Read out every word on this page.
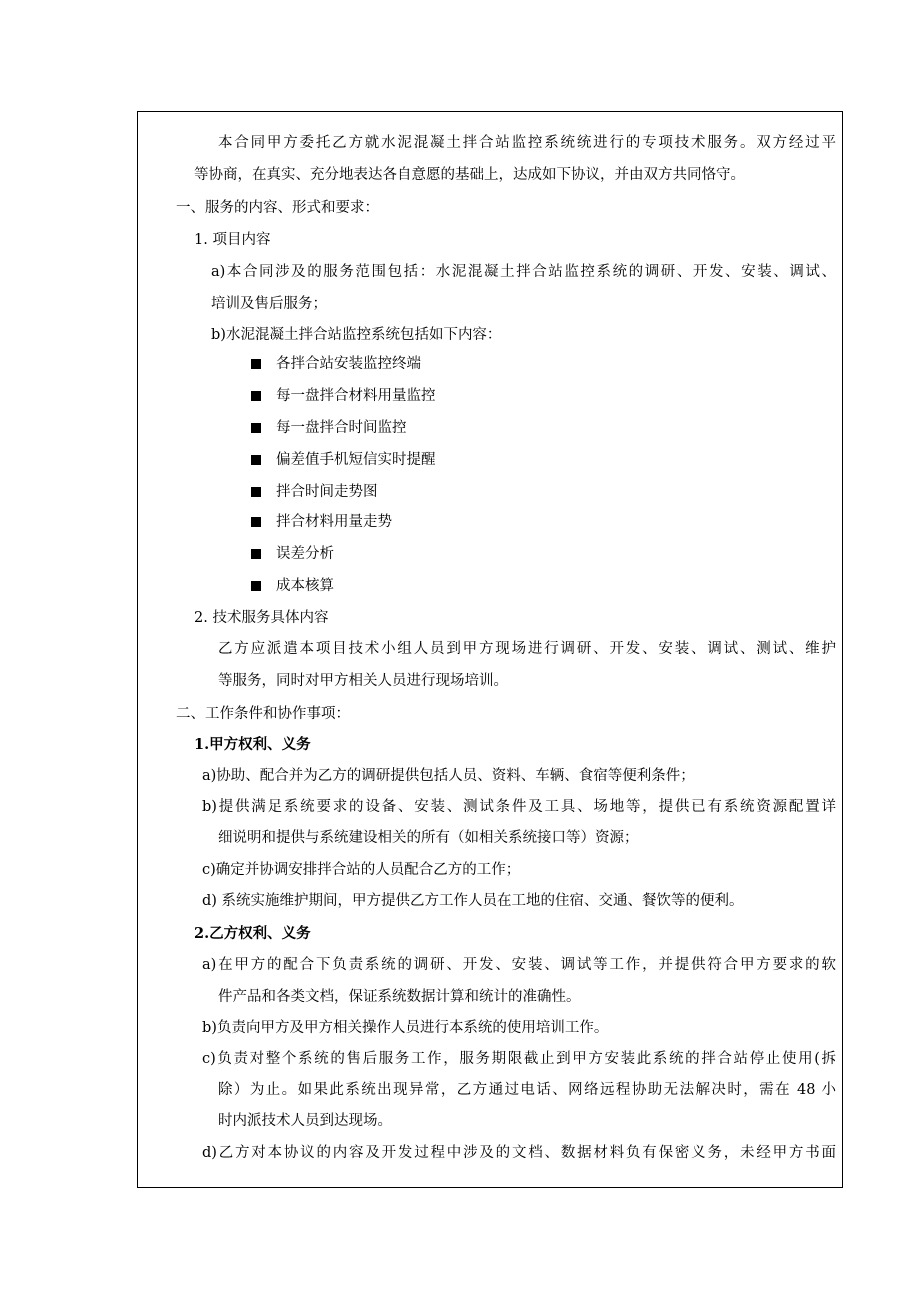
本合同甲方委托乙方就水泥混凝土拌合站监控系统统进行的专项技术服务。双方经过平
等协商，在真实、充分地表达各自意愿的基础上，达成如下协议，并由双方共同恪守。
一、服务的内容、形式和要求：
1. 项目内容
a)本合同涉及的服务范围包括：水泥混凝土拌合站监控系统的调研、开发、安装、调试、
培训及售后服务；
b)水泥混凝土拌合站监控系统包括如下内容：
各拌合站安装监控终端
每一盘拌合材料用量监控
每一盘拌合时间监控
偏差值手机短信实时提醒
拌合时间走势图
拌合材料用量走势
误差分析
成本核算
2. 技术服务具体内容
乙方应派遣本项目技术小组人员到甲方现场进行调研、开发、安装、调试、测试、维护
等服务，同时对甲方相关人员进行现场培训。
二、工作条件和协作事项：
1.甲方权利、义务
a)协助、配合并为乙方的调研提供包括人员、资料、车辆、食宿等便利条件；
b)提供满足系统要求的设备、安装、测试条件及工具、场地等，提供已有系统资源配置详
细说明和提供与系统建设相关的所有（如相关系统接口等）资源；
c)确定并协调安排拌合站的人员配合乙方的工作；
d) 系统实施维护期间，甲方提供乙方工作人员在工地的住宿、交通、餐饮等的便利。
2.乙方权利、义务
a)在甲方的配合下负责系统的调研、开发、安装、调试等工作，并提供符合甲方要求的软
件产品和各类文档，保证系统数据计算和统计的准确性。
b)负责向甲方及甲方相关操作人员进行本系统的使用培训工作。
c)负责对整个系统的售后服务工作，服务期限截止到甲方安装此系统的拌合站停止使用(拆
除）为止。如果此系统出现异常，乙方通过电话、网络远程协助无法解决时，需在 48 小
时内派技术人员到达现场。
d)乙方对本协议的内容及开发过程中涉及的文档、数据材料负有保密义务，未经甲方书面
